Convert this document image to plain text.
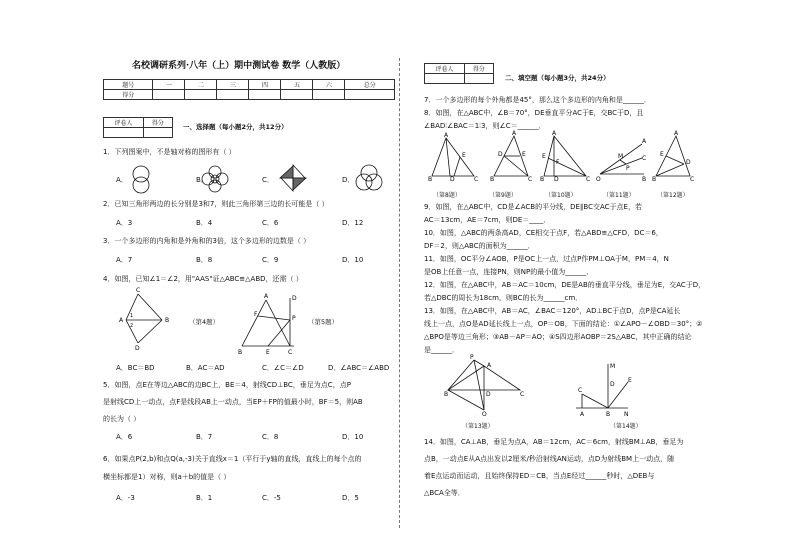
名校调研系列·八年（上）期中测试卷 数学（人教版）
题号	一	二	三	四	五	六	总分
得分							
评卷人	得分
		一、选择题（每小题2分，共12分）
1．下列图案中，不是轴对称的图形有（ ）
A．	B．	C．	D．
2．已知三角形两边的长分别是3和7，则此三角形第三边的长可能是（ ）
A．3	B．4	C．6	D．12
3．一个多边形的内角和是外角和的3倍，这个多边形的边数是（ ）
A．7	B．8	C．9	D．10
4．如图，已知∠1＝∠2，用"AAS"证△ABC≌△ABD，还需（ ）
C
A	B
D
1
2	（第4题）
A
B	E	C
P
F
D
（第5题）
A．BC＝BD	B．AC＝AD	C．∠C＝∠D	D．∠ABC＝∠ABD
5．如图，点E在等边△ABC的边BC上，BE＝4，射线CD⊥BC，垂足为点C，点P
是射线CD上一动点，点F是线段AB上一动点，当EP＋FP的值最小时，BF＝5，则AB
的长为（ ）
A．6	B．7	C．8	D．10
6．如果点P(2,b)和点Q(a,-3)关于直线x＝1（平行于y轴的直线，直线上的每个点的
横坐标都是1）对称，则a＋b的值是（ ）
A．-3	B．1	C．-5	D．5
评卷人	得分

二、填空题（每小题3分，共24分）
7．一个多边形的每个外角都是45°，那么这个多边形的内角和是______．
8．如图，在△ABC中，∠B＝70°，DE垂直平分AC于E，交BC于D，且
∠BAD∶∠BAC＝1∶3，则∠C＝______．
A
B	D	C
E
A
D	E
B	C
A
E
F
B D	C O	B
A
C
P
M
A
E
D
B	C
（第8题）	（第9题）	（第10题）	（第11题）	（第12题）
9．如图，在△ABC中，CD是∠ACB的平分线，DE∥BC交AC于点E，若
AC＝13cm，AE＝7cm，则DE＝____．
10．如图，△ABC的两条高AD，CE相交于点F，若△ABD≌△CFD，DC＝6，
DF＝2，则△ABC的面积为______．
11．如图，OC平分∠AOB，P是OC上一点，过点P作PM⊥OA于M，PM＝4，N
是OB上任意一点，连接PN，则NP的最小值为______．
12．如图，在△ABC中，AB＝AC＝10cm，DE是AB的垂直平分线，垂足为E，交AC于D，
若△DBC的周长为18cm，则BC的长为______cm．
13．如图，在△ABC中，AB＝AC，∠BAC＝120°，AD⊥BC于点D，点P是CA延长
线上一点，点O是AD延长线上一点，OP＝OB，下面的结论：①∠APO－∠OBD＝30°；②
△BPO是等边三角形；③AB－AP＝AO；④S四边形AOBP＝2S△ABC，其中正确的结论
是______．
P
A
B	D	C
O
M
C
A	B N
E
D
（第13题）	（第14题）
14．如图，CA⊥AB，垂足为点A，AB＝12cm，AC＝6cm，射线BM⊥AB，垂足为
点B，一动点E从A点出发以2厘米/秒沿射线AN运动，点D为射线BM上一动点，随
着E点运动而运动，且始终保持ED＝CB，当点E经过______秒时，△DEB与
△BCA全等．
